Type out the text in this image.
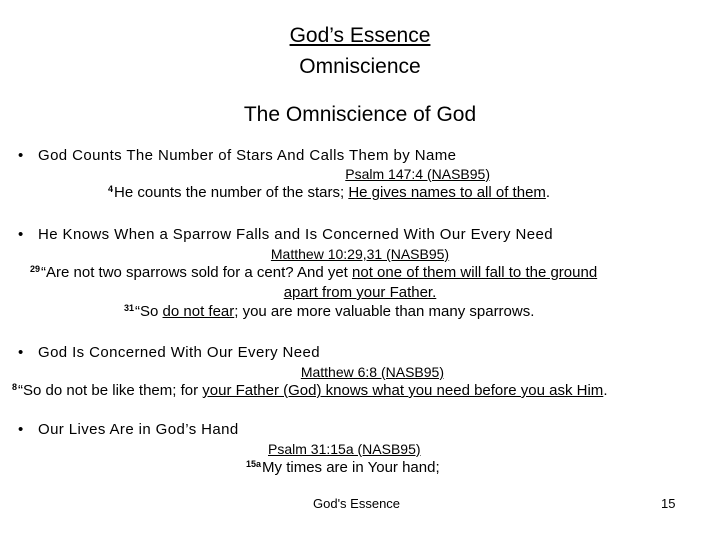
God’s Essence
Omniscience
The Omniscience of God
• God Counts The Number of Stars And Calls Them by Name
Psalm 147:4 (NASB95)
$^4$He counts the number of the stars; He gives names to all of them.
• He Knows When a Sparrow Falls and Is Concerned With Our Every Need
Matthew 10:29,31 (NASB95)
$^{29}$“Are not two sparrows sold for a cent? And yet not one of them will fall to the ground
apart from your Father.
$^{31}$“So do not fear; you are more valuable than many sparrows.
• God Is Concerned With Our Every Need
Matthew 6:8 (NASB95)
$^8$“So do not be like them; for your Father (God) knows what you need before you ask Him.
• Our Lives Are in God’s Hand
Psalm 31:15a (NASB95)
$^{15a}$My times are in Your hand;
God's Essence	15
